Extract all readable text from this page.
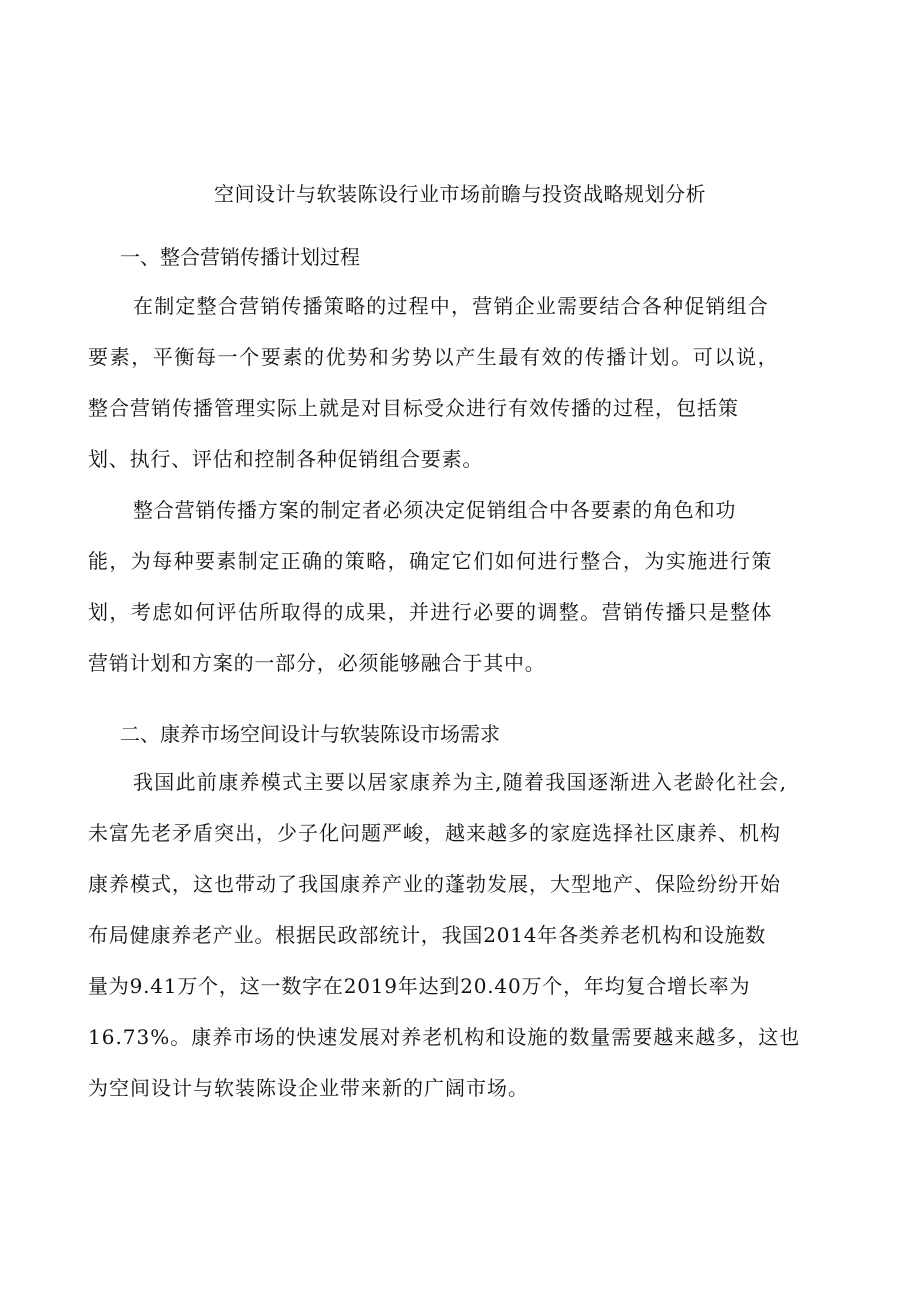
空间设计与软装陈设行业市场前瞻与投资战略规划分析
一、整合营销传播计划过程
在制定整合营销传播策略的过程中，营销企业需要结合各种促销组合
要素，平衡每一个要素的优势和劣势以产生最有效的传播计划。可以说，
整合营销传播管理实际上就是对目标受众进行有效传播的过程，包括策
划、执行、评估和控制各种促销组合要素。
整合营销传播方案的制定者必须决定促销组合中各要素的角色和功
能，为每种要素制定正确的策略，确定它们如何进行整合，为实施进行策
划，考虑如何评估所取得的成果，并进行必要的调整。营销传播只是整体
营销计划和方案的一部分，必须能够融合于其中。
二、康养市场空间设计与软装陈设市场需求
我国此前康养模式主要以居家康养为主,随着我国逐渐进入老龄化社会,
未富先老矛盾突出，少子化问题严峻，越来越多的家庭选择社区康养、机构
康养模式，这也带动了我国康养产业的蓬勃发展，大型地产、保险纷纷开始
布局健康养老产业。根据民政部统计，我国2014年各类养老机构和设施数
量为9.41万个，这一数字在2019年达到20.40万个，年均复合增长率为
16.73%。康养市场的快速发展对养老机构和设施的数量需要越来越多，这也
为空间设计与软装陈设企业带来新的广阔市场。
